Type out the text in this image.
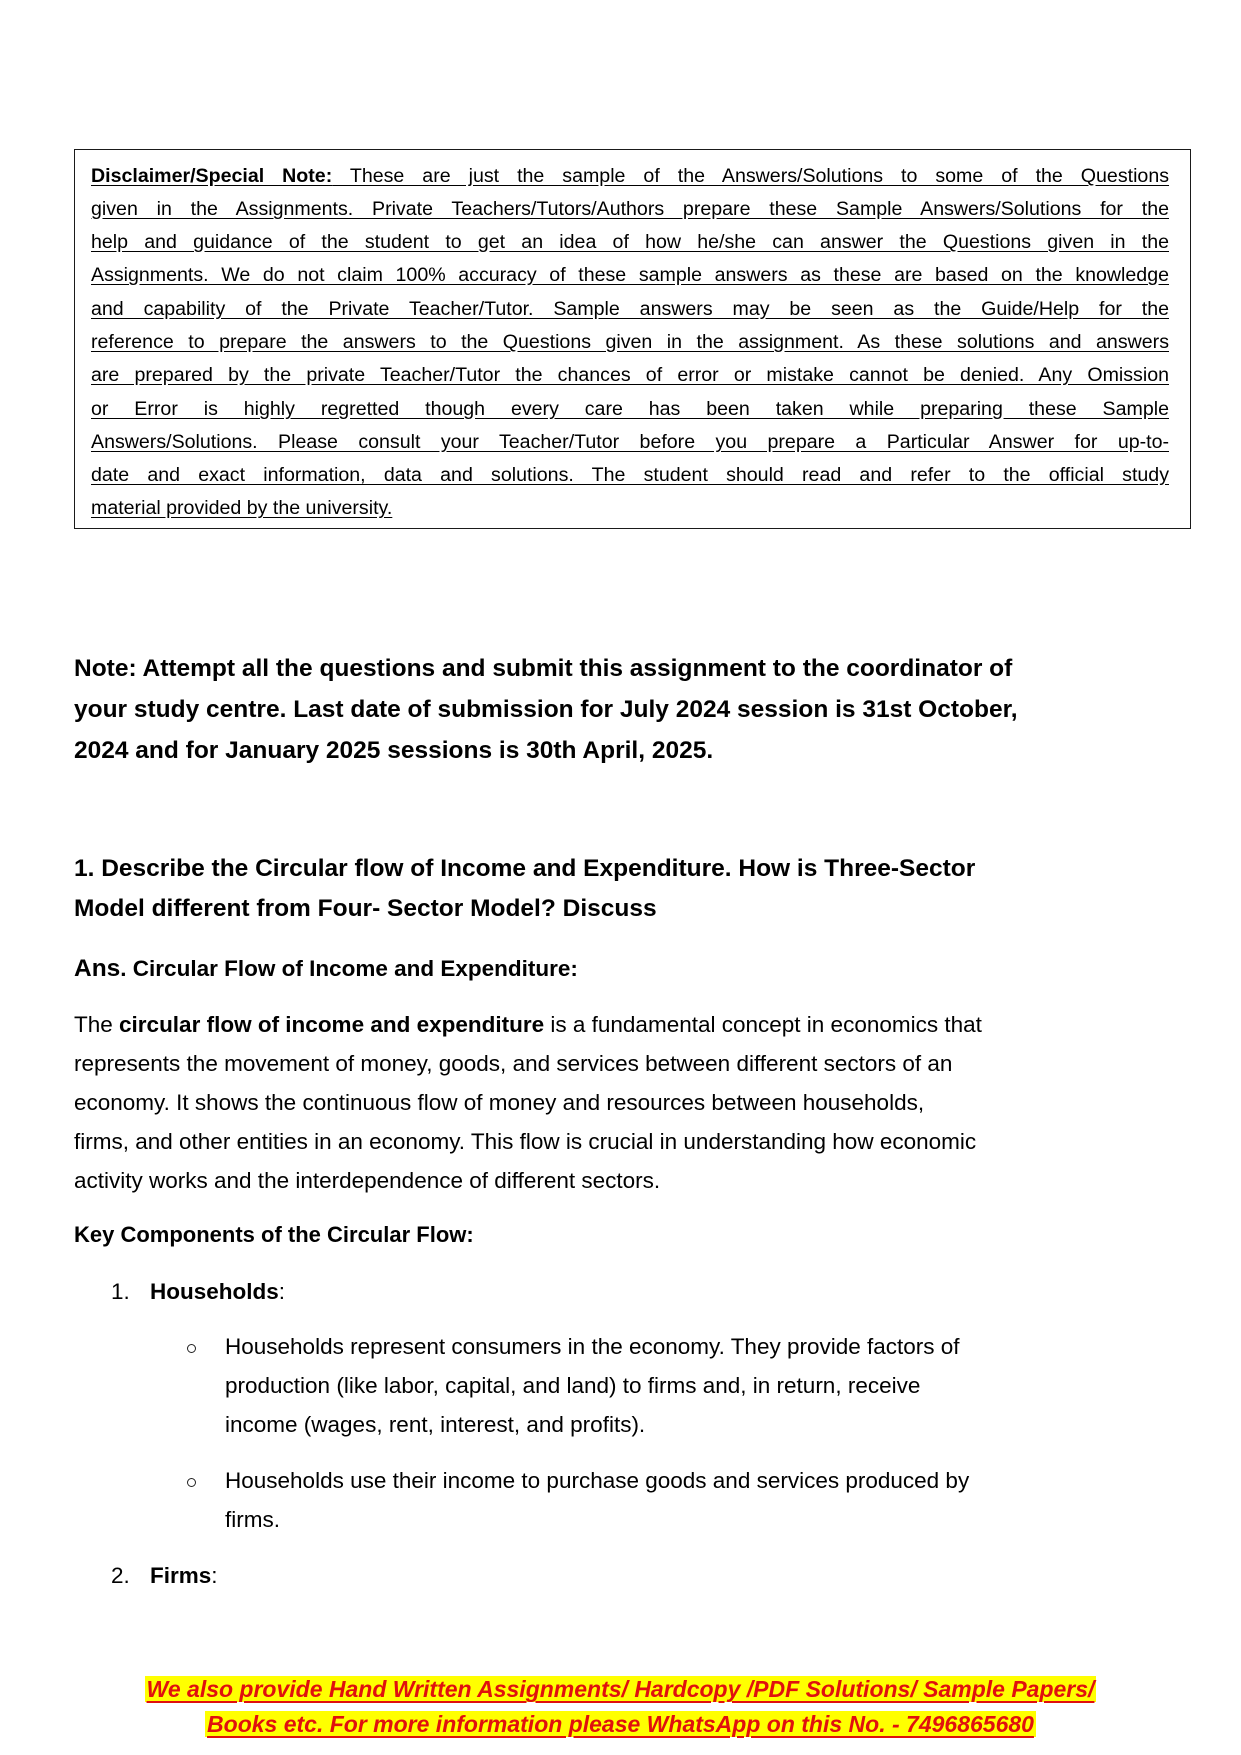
Disclaimer/Special Note: These are just the sample of the Answers/Solutions to some of the Questions
given in the Assignments. Private Teachers/Tutors/Authors prepare these Sample Answers/Solutions for the
help and guidance of the student to get an idea of how he/she can answer the Questions given in the
Assignments. We do not claim 100% accuracy of these sample answers as these are based on the knowledge
and capability of the Private Teacher/Tutor. Sample answers may be seen as the Guide/Help for the
reference to prepare the answers to the Questions given in the assignment. As these solutions and answers
are prepared by the private Teacher/Tutor the chances of error or mistake cannot be denied. Any Omission
or Error is highly regretted though every care has been taken while preparing these Sample
Answers/Solutions. Please consult your Teacher/Tutor before you prepare a Particular Answer for up-to-
date and exact information, data and solutions. The student should read and refer to the official study
material provided by the university.
Note: Attempt all the questions and submit this assignment to the coordinator of
your study centre. Last date of submission for July 2024 session is 31st October,
2024 and for January 2025 sessions is 30th April, 2025.
1. Describe the Circular flow of Income and Expenditure. How is Three-Sector
Model different from Four- Sector Model? Discuss
Ans. Circular Flow of Income and Expenditure:
The circular flow of income and expenditure is a fundamental concept in economics that
represents the movement of money, goods, and services between different sectors of an
economy. It shows the continuous flow of money and resources between households,
firms, and other entities in an economy. This flow is crucial in understanding how economic
activity works and the interdependence of different sectors.
Key Components of the Circular Flow:
1. Households:
Households represent consumers in the economy. They provide factors of
production (like labor, capital, and land) to firms and, in return, receive
income (wages, rent, interest, and profits).
Households use their income to purchase goods and services produced by
firms.
2. Firms:
We also provide Hand Written Assignments/ Hardcopy /PDF Solutions/ Sample Papers/
Books etc. For more information please WhatsApp on this No. - 7496865680
